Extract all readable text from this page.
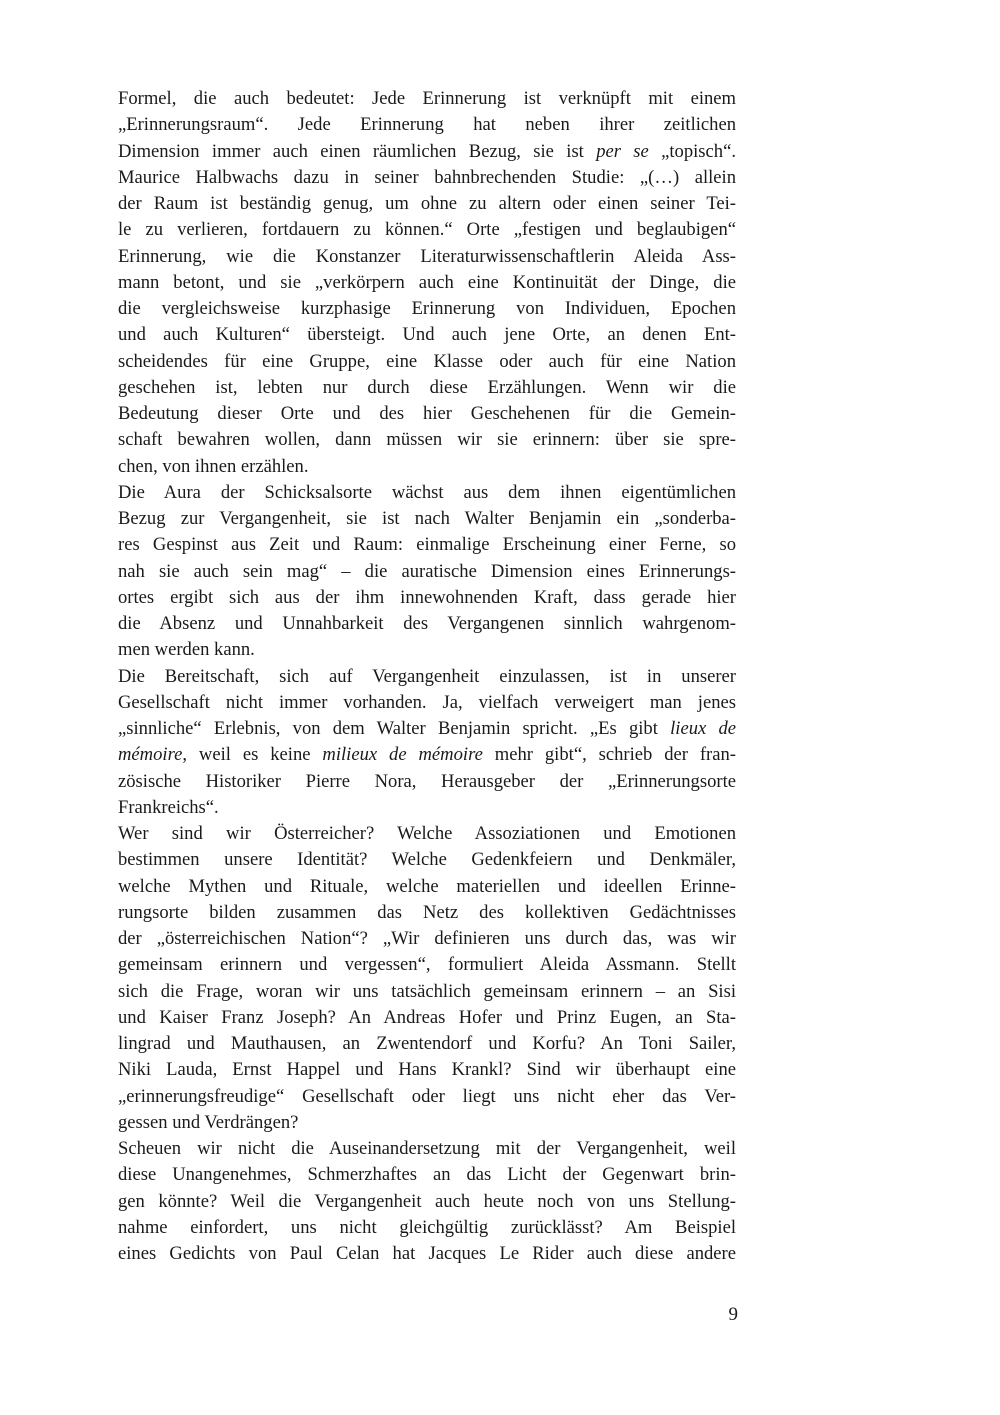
Formel, die auch bedeutet: Jede Erinnerung ist verknüpft mit einem
„Erinnerungsraum“. Jede Erinnerung hat neben ihrer zeitlichen
Dimension immer auch einen räumlichen Bezug, sie ist per se „topisch“.
Maurice Halbwachs dazu in seiner bahnbrechenden Studie: „(…) allein
der Raum ist beständig genug, um ohne zu altern oder einen seiner Tei-
le zu verlieren, fortdauern zu können.“ Orte „festigen und beglaubigen“
Erinnerung, wie die Konstanzer Literaturwissenschaftlerin Aleida Ass-
mann betont, und sie „verkörpern auch eine Kontinuität der Dinge, die
die vergleichsweise kurzphasige Erinnerung von Individuen, Epochen
und auch Kulturen“ übersteigt. Und auch jene Orte, an denen Ent-
scheidendes für eine Gruppe, eine Klasse oder auch für eine Nation
geschehen ist, lebten nur durch diese Erzählungen. Wenn wir die
Bedeutung dieser Orte und des hier Geschehenen für die Gemein-
schaft bewahren wollen, dann müssen wir sie erinnern: über sie spre-
chen, von ihnen erzählen.
Die Aura der Schicksalsorte wächst aus dem ihnen eigentümlichen
Bezug zur Vergangenheit, sie ist nach Walter Benjamin ein „sonderba-
res Gespinst aus Zeit und Raum: einmalige Erscheinung einer Ferne, so
nah sie auch sein mag“ – die auratische Dimension eines Erinnerungs-
ortes ergibt sich aus der ihm innewohnenden Kraft, dass gerade hier
die Absenz und Unnahbarkeit des Vergangenen sinnlich wahrgenom-
men werden kann.
Die Bereitschaft, sich auf Vergangenheit einzulassen, ist in unserer
Gesellschaft nicht immer vorhanden. Ja, vielfach verweigert man jenes
„sinnliche“ Erlebnis, von dem Walter Benjamin spricht. „Es gibt lieux de
mémoire, weil es keine milieux de mémoire mehr gibt“, schrieb der fran-
zösische Historiker Pierre Nora, Herausgeber der „Erinnerungsorte
Frankreichs“.
Wer sind wir Österreicher? Welche Assoziationen und Emotionen
bestimmen unsere Identität? Welche Gedenkfeiern und Denkmäler,
welche Mythen und Rituale, welche materiellen und ideellen Erinne-
rungsorte bilden zusammen das Netz des kollektiven Gedächtnisses
der „österreichischen Nation“? „Wir definieren uns durch das, was wir
gemeinsam erinnern und vergessen“, formuliert Aleida Assmann. Stellt
sich die Frage, woran wir uns tatsächlich gemeinsam erinnern – an Sisi
und Kaiser Franz Joseph? An Andreas Hofer und Prinz Eugen, an Sta-
lingrad und Mauthausen, an Zwentendorf und Korfu? An Toni Sailer,
Niki Lauda, Ernst Happel und Hans Krankl? Sind wir überhaupt eine
„erinnerungsfreudige“ Gesellschaft oder liegt uns nicht eher das Ver-
gessen und Verdrängen?
Scheuen wir nicht die Auseinandersetzung mit der Vergangenheit, weil
diese Unangenehmes, Schmerzhaftes an das Licht der Gegenwart brin-
gen könnte? Weil die Vergangenheit auch heute noch von uns Stellung-
nahme einfordert, uns nicht gleichgültig zurücklässt? Am Beispiel
eines Gedichts von Paul Celan hat Jacques Le Rider auch diese andere
9
